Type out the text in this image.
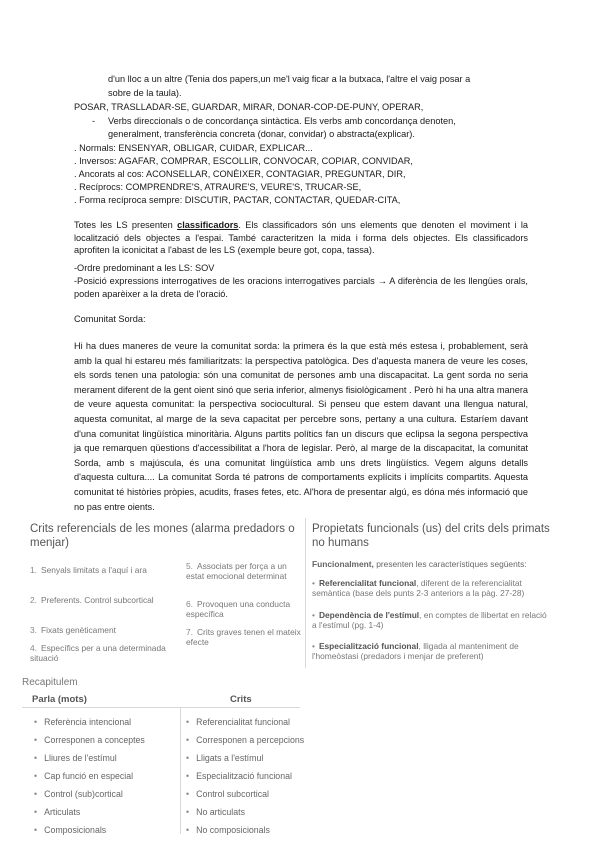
d'un lloc a un altre (Tenia dos papers,un me'l vaig ficar a la butxaca, l'altre el vaig posar a
sobre de la taula).
POSAR, TRASLLADAR-SE, GUARDAR, MIRAR, DONAR-COP-DE-PUNY, OPERAR,
- Verbs direccionals o de concordança sintàctica. Els verbs amb concordança denoten,
generalment, transferència concreta (donar, convidar) o abstracta(explicar).
. Normals: ENSENYAR, OBLIGAR, CUIDAR, EXPLICAR...
. Inversos: AGAFAR, COMPRAR, ESCOLLIR, CONVOCAR, COPIAR, CONVIDAR,
. Ancorats al cos: ACONSELLAR, CONÈIXER, CONTAGIAR, PREGUNTAR, DIR,
. Recíprocs: COMPRENDRE'S, ATRAURE'S, VEURE'S, TRUCAR-SE,
. Forma recíproca sempre: DISCUTIR, PACTAR, CONTACTAR, QUEDAR-CITA,
Totes les LS presenten classificadors. Els classificadors són uns elements que denoten el moviment i la localització dels objectes a l'espai. També caracteritzen la mida i forma dels objectes. Els classificadors aprofiten la iconicitat a l'abast de les LS (exemple beure got, copa, tassa).
-Ordre predominant a les LS: SOV
-Posició expressions interrogatives de les oracions interrogatives parcials → A diferència de les llengües orals, poden aparèixer a la dreta de l'oració.
Comunitat Sorda:
Hi ha dues maneres de veure la comunitat sorda: la primera és la que està més estesa i, probablement, serà amb la qual hi estareu més familiaritzats: la perspectiva patològica. Des d'aquesta manera de veure les coses, els sords tenen una patologia: són una comunitat de persones amb una discapacitat. La gent sorda no seria merament diferent de la gent oient sinó que seria inferior, almenys fisiològicament . Però hi ha una altra manera de veure aquesta comunitat: la perspectiva sociocultural. Si penseu que estem davant una llengua natural, aquesta comunitat, al marge de la seva capacitat per percebre sons, pertany a una cultura. Estaríem davant d'una comunitat lingüística minoritària. Alguns partits polítics fan un discurs que eclipsa la segona perspectiva ja que remarquen qüestions d'accessibilitat a l'hora de legislar. Però, al marge de la discapacitat, la comunitat Sorda, amb s majúscula, és una comunitat lingüística amb uns drets lingüístics. Vegem alguns detalls d'aquesta cultura.... La comunitat Sorda té patrons de comportaments explícits i implícits compartits. Aquesta comunitat té històries pròpies, acudits, frases fetes, etc. Al'hora de presentar algú, es dóna més informació que no pas entre oients.
Crits referencials de les mones (alarma predadors o menjar)
1. Senyals limitats a l'aquí i ara
2. Preferents. Control subcortical
3. Fixats genèticament
4. Específics per a una determinada situació
5. Associats per força a un estat emocional determinat
6. Provoquen una conducta específica
7. Crits graves tenen el mateix efecte
Propietats funcionals (us) del crits dels primats no humans
Funcionalment, presenten les característiques següents:
• Referencialitat funcional, diferent de la referencialitat semàntica (base dels punts 2-3 anteriors a la pàg. 27-28)
• Dependència de l'estímul, en comptes de llibertat en relació a l'estímul (pg. 1-4)
• Especialització funcional, lligada al manteniment de l'homeòstasi (predadors i menjar de preferent)
Recapitulem
Parla (mots)	Crits
• Referència intencional
• Corresponen a conceptes
• Lliures de l'estímul
• Cap funció en especial
• Control (sub)cortical
• Articulats
• Composicionals
• Referencialitat funcional
• Corresponen a percepcions
• Lligats a l'estímul
• Especialització funcional
• Control subcortical
• No articulats
• No composicionals
